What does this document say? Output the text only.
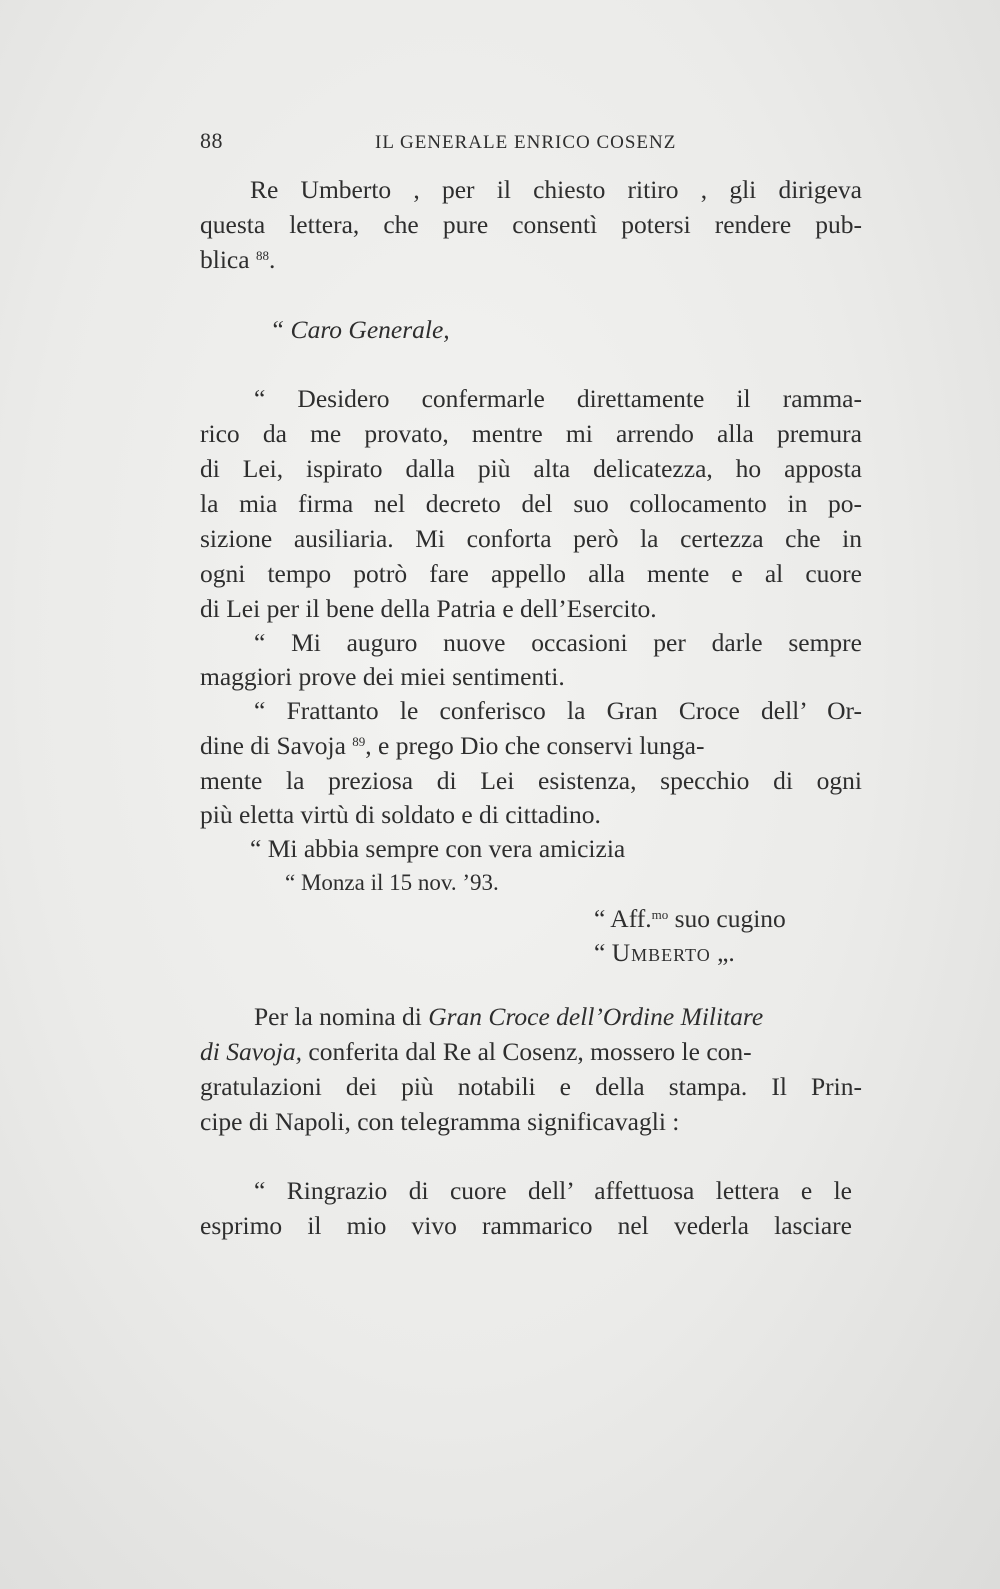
88	IL GENERALE ENRICO COSENZ
Re Umberto , per il chiesto ritiro , gli dirigeva
questa lettera, che pure consentì potersi rendere pub-
blica $^{88}$.
“ Caro Generale,
“ Desidero confermarle direttamente il rammа-
rico da me provato, mentre mi arrendo alla premura
di Lei, ispirato dalla più alta delicatezza, ho apposta
la mia firma nel decreto del suo collocamento in po-
sizione ausiliaria. Mi conforta però la certezza che in
ogni tempo potrò fare appello alla mente e al cuore
di Lei per il bene della Patria e dell’Esercito.
“ Mi auguro nuove occasioni per darle sempre
maggiori prove dei miei sentimenti.
“ Frattanto le conferisco la Gran Croce dell’ Or-
dine di Savoja $^{89}$, e prego Dio che conservi lunga-
mente la preziosa di Lei esistenza, specchio di ogni
più eletta virtù di soldato e di cittadino.
“ Mi abbia sempre con vera amicizia
“ Monza il 15 nov. ’93.
“ Aff.$^{mo}$ suo cugino
“ Umberto „.
Per la nomina di Gran Croce dell’Ordine Militare
di Savoja, conferita dal Re al Cosenz, mossero le con-
gratulazioni dei più notabili e della stampa. Il Prin-
cipe di Napoli, con telegramma significavagli :
“ Ringrazio di cuore dell’ affettuosa lettera e le
esprimo il mio vivo rammarico nel vederla lasciare
